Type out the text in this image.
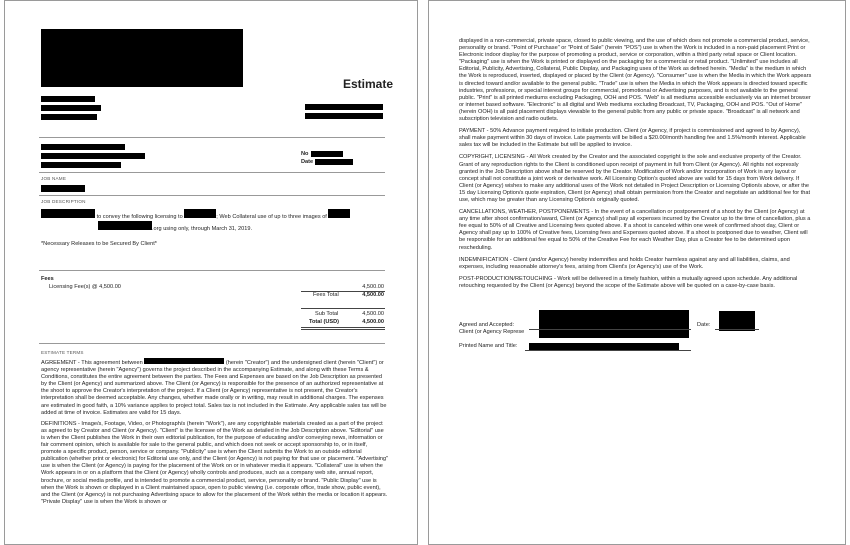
Estimate
No
Date
JOB NAME
JOB DESCRIPTION
to convey the following licensing to	; Web Collateral use of up to three images of
.org using only, through March 31, 2019.
*Necessary Releases to be Secured By Client*
Fees
Licensing Fee(s) @ 4,500.00	4,500.00
Fees Total	4,500.00
Sub Total	4,500.00
Total (USD)	4,500.00
ESTIMATE TERMS

AGREEMENT - This agreement between	(herein "Creator") and the undersigned client (herein "Client") or agency representative (herein "Agency") governs the project described in the accompanying Estimate, and along with these Terms & Conditions, constitutes the entire agreement between the parties. The Fees and Expenses are based on the Job Description as presented by the Client (or Agency) and summarized above. The Client (or Agency) is responsible for the presence of an authorized representative at the shoot to approve the Creator's interpretation of the project. If a Client (or Agency) representative is not present, the Creator's interpretation shall be deemed acceptable. Any changes, whether made orally or in writing, may result in additional charges. The expenses are estimated in good faith, a 10% variance applies to project total. Sales tax is not included in the Estimate. Any applicable sales tax will be added at time of invoice. Estimates are valid for 15 days.

DEFINITIONS - Image/s, Footage, Video, or Photograph/s (herein "Work"), are any copyrightable materials created as a part of the project as agreed to by Creator and Client (or Agency). "Client" is the licensee of the Work as detailed in the Job Description above. "Editorial" use is when the Client publishes the Work in their own editorial publication, for the purpose of educating and/or conveying news, information or fair comment opinion, which is available for sale to the general public, and which does not seek or accept sponsorship to, or in itself, promote a specific product, person, service or company. "Publicity" use is when the Client submits the Work to an outside editorial publication (whether print or electronic) for Editorial use only, and the Client (or Agency) is not paying for that use or placement. "Advertising" use is when the Client (or Agency) is paying for the placement of the Work on or in whatever media it appears. "Collateral" use is when the Work appears in or on a platform that the Client (or Agency) wholly controls and produces, such as a company web site, annual report, brochure, or social media profile, and is intended to promote a commercial product, service, personality or brand. "Public Display" use is when the Work is shown or displayed in a Client maintained space, open to public viewing (i.e. corporate office, trade show, public event), and the Client (or Agency) is not purchasing Advertising space to allow for the placement of the Work within the media or location it appears. "Private Display" use is when the Work is shown or

displayed in a non-commercial, private space, closed to public viewing, and the use of which does not promote a commercial product, service, personality or brand. "Point of Purchase" or "Point of Sale" (herein "POS") use is when the Work is included in a non-paid placement Print or Electronic indoor display for the purpose of promoting a product, service or corporation, within a third party retail space or Client location. "Packaging" use is when the Work is printed or displayed on the packaging for a commercial or retail product. "Unlimited" use includes all Editorial, Publicity, Advertising, Collateral, Public Display, and Packaging uses of the Work as defined herein. "Media" is the medium in which the Work is reproduced, inserted, displayed or placed by the Client (or Agency). "Consumer" use is when the Media in which the Work appears is directed toward and/or available to the general public. "Trade" use is when the Media in which the Work appears is directed toward specific industries, professions, or special interest groups for commercial, promotional or Advertising purposes, and is not available to the general public. "Print" is all printed mediums excluding Packaging, OOH and POS. "Web" is all mediums accessible exclusively via an internet browser or internet based software. "Electronic" is all digital and Web mediums excluding Broadcast, TV, Packaging, OOH and POS. "Out of Home" (herein OOH) is all paid placement displays viewable to the general public from any public or private space. "Broadcast" is all network and subscription television and radio outlets.

PAYMENT - 50% Advance payment required to initiate production. Client (or Agency, if project is commissioned and agreed to by Agency), shall make payment within 30 days of invoice. Late payments will be billed a $20.00/month handling fee and 1.5%/month interest. Applicable sales tax will be included in the Estimate but will be applied to invoice.

COPYRIGHT, LICENSING - All Work created by the Creator and the associated copyright is the sole and exclusive property of the Creator. Grant of any reproduction rights to the Client is conditioned upon receipt of payment in full from Client (or Agency). All rights not expressly granted in the Job Description above shall be reserved by the Creator. Modification of Work and/or incorporation of Work in any layout or concept shall not constitute a joint work or derivative work. All Licensing Option's quoted above are valid for 15 days from Work delivery. If Client (or Agency) wishes to make any additional uses of the Work not detailed in Project Description or Licensing Option/s above, or after the 15 day Licensing Option/s quote expiration, Client (or Agency) shall obtain permission from the Creator and negotiate an additional fee for that use, which may be greater than any Licensing Option/s originally quoted.

CANCELLATIONS, WEATHER, POSTPONEMENTS - In the event of a cancellation or postponement of a shoot by the Client (or Agency) at any time after shoot confirmation/award, Client (or Agency) shall pay all expenses incurred by the Creator up to the time of cancellation, plus a fee equal to 50% of all Creative and Licensing fees quoted above. If a shoot is canceled within one week of confirmed shoot day, Client or Agency shall pay up to 100% of Creative fees, Licensing fees and Expenses quoted above. If a shoot is postponed due to weather, Client will be responsible for an additional fee equal to 50% of the Creative Fee for each Weather Day, plus a Creator fee to be determined upon rescheduling.

INDEMNIFICATION - Client (and/or Agency) hereby indemnifies and holds Creator harmless against any and all liabilities, claims, and expenses, including reasonable attorney's fees, arising from Client's (or Agency's) use of the Work.

POST-PRODUCTION/RETOUCHING - Work will be delivered in a timely fashion, within a mutually agreed upon schedule. Any additional retouching requested by the Client (or Agency) beyond the scope of the Estimate above will be quoted on a case-by-case basis.

Agreed and Accepted:
Client (or Agency Represe
Date:
Printed Name and Title:
